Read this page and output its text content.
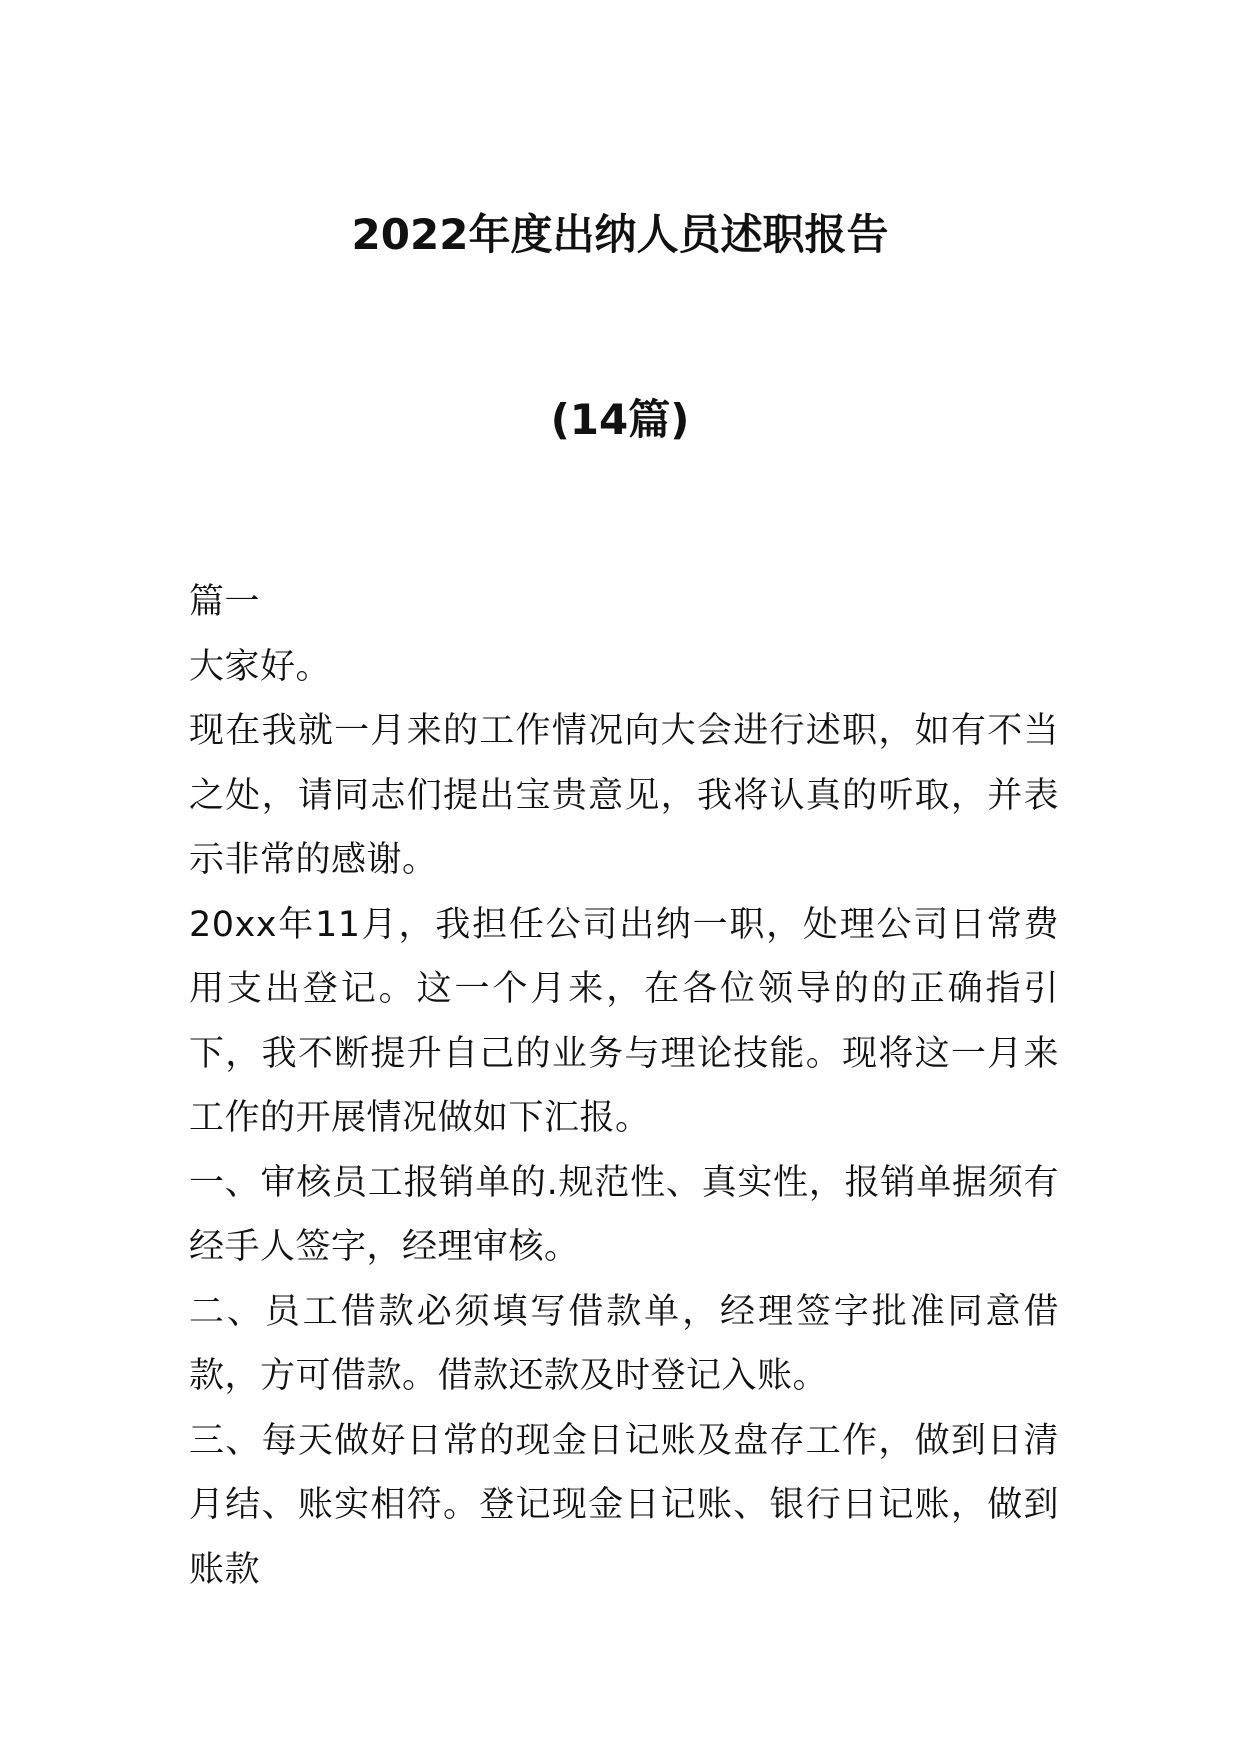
2022年度出纳人员述职报告
(14篇)

篇一

大家好。

现在我就一月来的工作情况向大会进行述职，如有不当之处，请同志们提出宝贵意见，我将认真的听取，并表示非常的感谢。

20xx年11月，我担任公司出纳一职，处理公司日常费用支出登记。这一个月来，在各位领导的的正确指引下，我不断提升自己的业务与理论技能。现将这一月来工作的开展情况做如下汇报。

一、审核员工报销单的.规范性、真实性，报销单据须有经手人签字，经理审核。

二、员工借款必须填写借款单，经理签字批准同意借款，方可借款。借款还款及时登记入账。

三、每天做好日常的现金日记账及盘存工作，做到日清月结、账实相符。登记现金日记账、银行日记账，做到账款
